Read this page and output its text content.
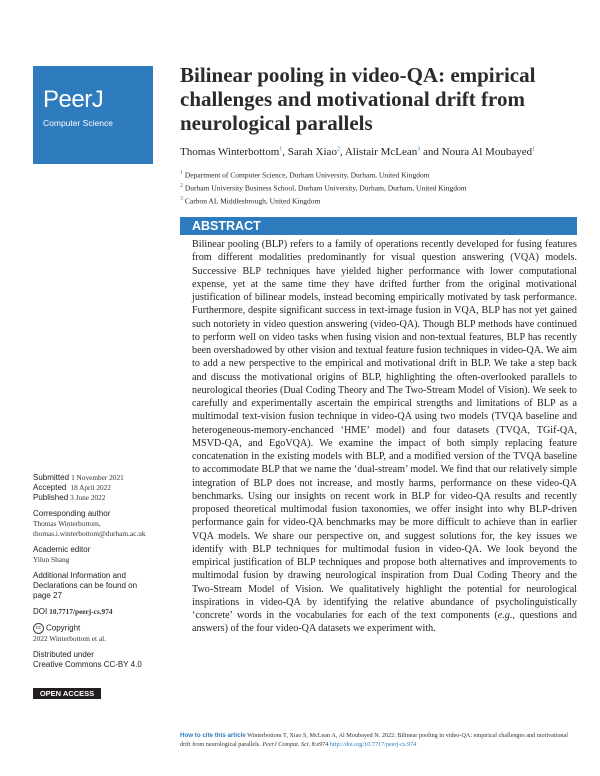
PeerJ
Computer Science
Bilinear pooling in video-QA: empirical challenges and motivational drift from neurological parallels
Thomas Winterbottom$^1$, Sarah Xiao$^2$, Alistair McLean$^3$ and Noura Al Moubayed$^1$
$^1$ Department of Computer Science, Durham University, Durham, United Kingdom
$^2$ Durham University Business School, Durham University, Durham, Durham, United Kingdom
$^3$ Carbon AI, Middlesbrough, United Kingdom
ABSTRACT

Bilinear pooling (BLP) refers to a family of operations recently developed for fusing features from different modalities predominantly for visual question answering (VQA) models. Successive BLP techniques have yielded higher performance with lower computational expense, yet at the same time they have drifted further from the original motivational justification of bilinear models, instead becoming empirically motivated by task performance. Furthermore, despite significant success in text-image fusion in VQA, BLP has not yet gained such notoriety in video question answering (video-QA). Though BLP methods have continued to perform well on video tasks when fusing vision and non-textual features, BLP has recently been overshadowed by other vision and textual feature fusion techniques in video-QA. We aim to add a new perspective to the empirical and motivational drift in BLP. We take a step back and discuss the motivational origins of BLP, highlighting the often-overlooked parallels to neurological theories (Dual Coding Theory and The Two-Stream Model of Vision). We seek to carefully and experimentally ascertain the empirical strengths and limitations of BLP as a multimodal text-vision fusion technique in video-QA using two models (TVQA baseline and heterogeneous-memory-enchanced ‘HME’ model) and four datasets (TVQA, TGif-QA, MSVD-QA, and EgoVQA). We examine the impact of both simply replacing feature concatenation in the existing models with BLP, and a modified version of the TVQA baseline to accommodate BLP that we name the ‘dual-stream’ model. We find that our relatively simple integration of BLP does not increase, and mostly harms, performance on these video-QA benchmarks. Using our insights on recent work in BLP for video-QA results and recently proposed theoretical multimodal fusion taxonomies, we offer insight into why BLP-driven performance gain for video-QA benchmarks may be more difficult to achieve than in earlier VQA models. We share our perspective on, and suggest solutions for, the key issues we identify with BLP techniques for multimodal fusion in video-QA. We look beyond the empirical justification of BLP techniques and propose both alternatives and improvements to multimodal fusion by drawing neurological inspiration from Dual Coding Theory and the Two-Stream Model of Vision. We qualitatively highlight the potential for neurological inspirations in video-QA by identifying the relative abundance of psycholinguistically ‘concrete’ words in the vocabularies for each of the text components (e.g., questions and answers) of the four video-QA datasets we experiment with.

Submitted 1 November 2021
Accepted 18 April 2022
Published 3 June 2022
Corresponding author
Thomas Winterbottom,
thomas.i.winterbottom@durham.ac.uk
Academic editor
Yilun Shang
Additional Information and
Declarations can be found on
page 27
DOI 10.7717/peerj-cs.974
cc Copyright
2022 Winterbottom et al.
Distributed under
Creative Commons CC-BY 4.0
OPEN ACCESS
How to cite this article Winterbottom T, Xiao S, McLean A, Al Moubayed N. 2022. Bilinear pooling in video-QA: empirical challenges and motivational drift from neurological parallels. PeerJ Comput. Sci. 8:e974 http://doi.org/10.7717/peerj-cs.974
